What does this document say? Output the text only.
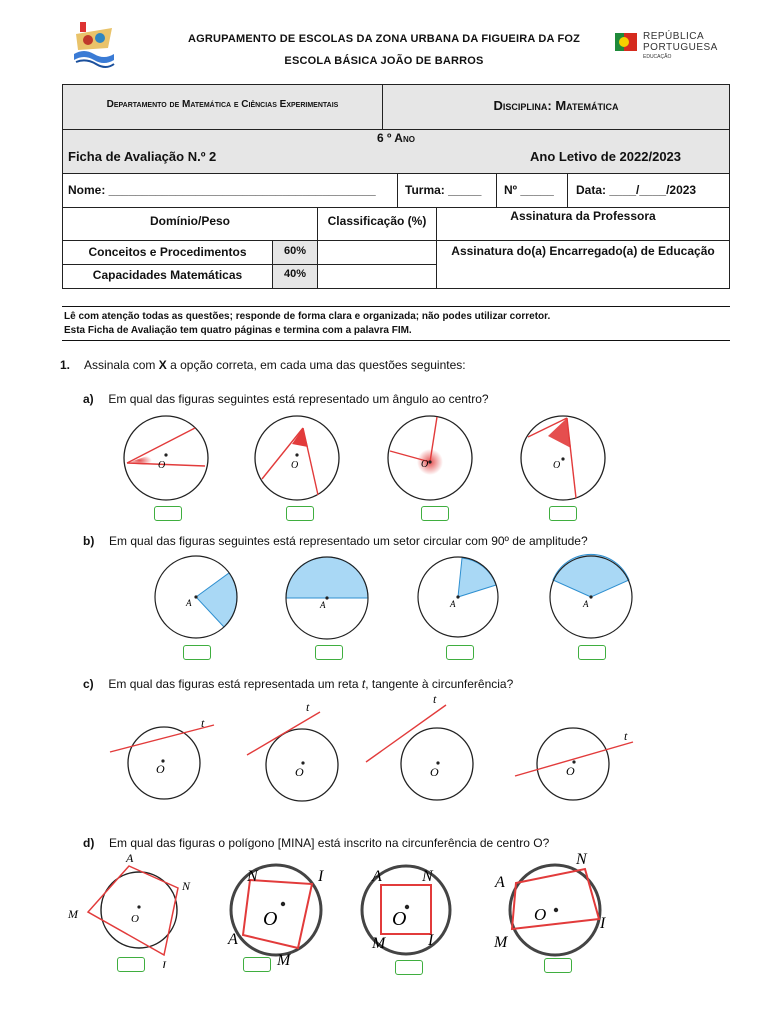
AGRUPAMENTO DE ESCOLAS DA ZONA URBANA DA FIGUEIRA DA FOZ
ESCOLA BÁSICA JOÃO DE BARROS
REPÚBLICA
PORTUGUESA
EDUCAÇÃO
Departamento de Matemática e Ciências Experimentais	Disciplina: Matemática
6 º Ano
Ficha de Avaliação N.º 2	Ano Letivo de 2022/2023
Nome: ________________________________________ Turma: _____ Nº _____ Data: ____/____/2023
Domínio/Peso	Classificação (%)	Assinatura da Professora
Conceitos e Procedimentos	60%
Capacidades Matemáticas	40%
Assinatura do(a) Encarregado(a) de Educação
Lê com atenção todas as questões; responde de forma clara e organizada; não podes utilizar corretor.
Esta Ficha de Avaliação tem quatro páginas e termina com a palavra FIM.
1. Assinala com X a opção correta, em cada uma das questões seguintes:
a) Em qual das figuras seguintes está representado um ângulo ao centro?
O	O	O	O
b) Em qual das figuras seguintes está representado um setor circular com 90º de amplitude?
A	A	A	A
c) Em qual das figuras está representada um reta t, tangente à circunferência?
t
O
t
O
t
O
t
O
d) Em qual das figuras o polígono [MINA] está inscrito na circunferência de centro O?
O
A
N
M
I
O
N	I
A
M
O
A	N
M	I
O
A
N
I
M
